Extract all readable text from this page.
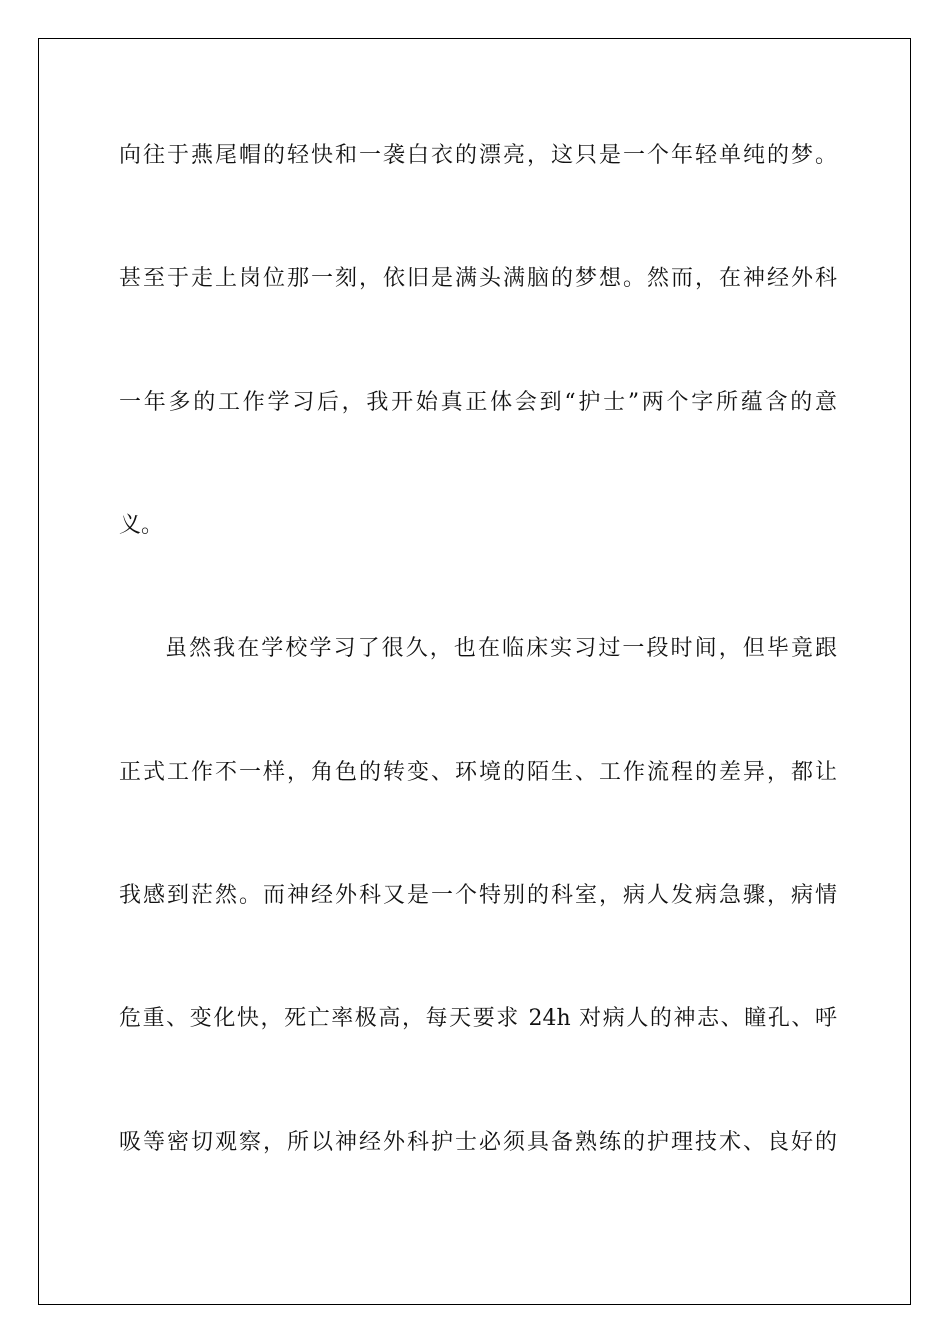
向往于燕尾帽的轻快和一袭白衣的漂亮，这只是一个年轻单纯的梦。
甚至于走上岗位那一刻，依旧是满头满脑的梦想。然而，在神经外科
一年多的工作学习后，我开始真正体会到“护士”两个字所蕴含的意
义。
虽然我在学校学习了很久，也在临床实习过一段时间，但毕竟跟
正式工作不一样，角色的转变、环境的陌生、工作流程的差异，都让
我感到茫然。而神经外科又是一个特别的科室，病人发病急骤，病情
危重、变化快，死亡率极高，每天要求 24h 对病人的神志、瞳孔、呼
吸等密切观察，所以神经外科护士必须具备熟练的护理技术、良好的
